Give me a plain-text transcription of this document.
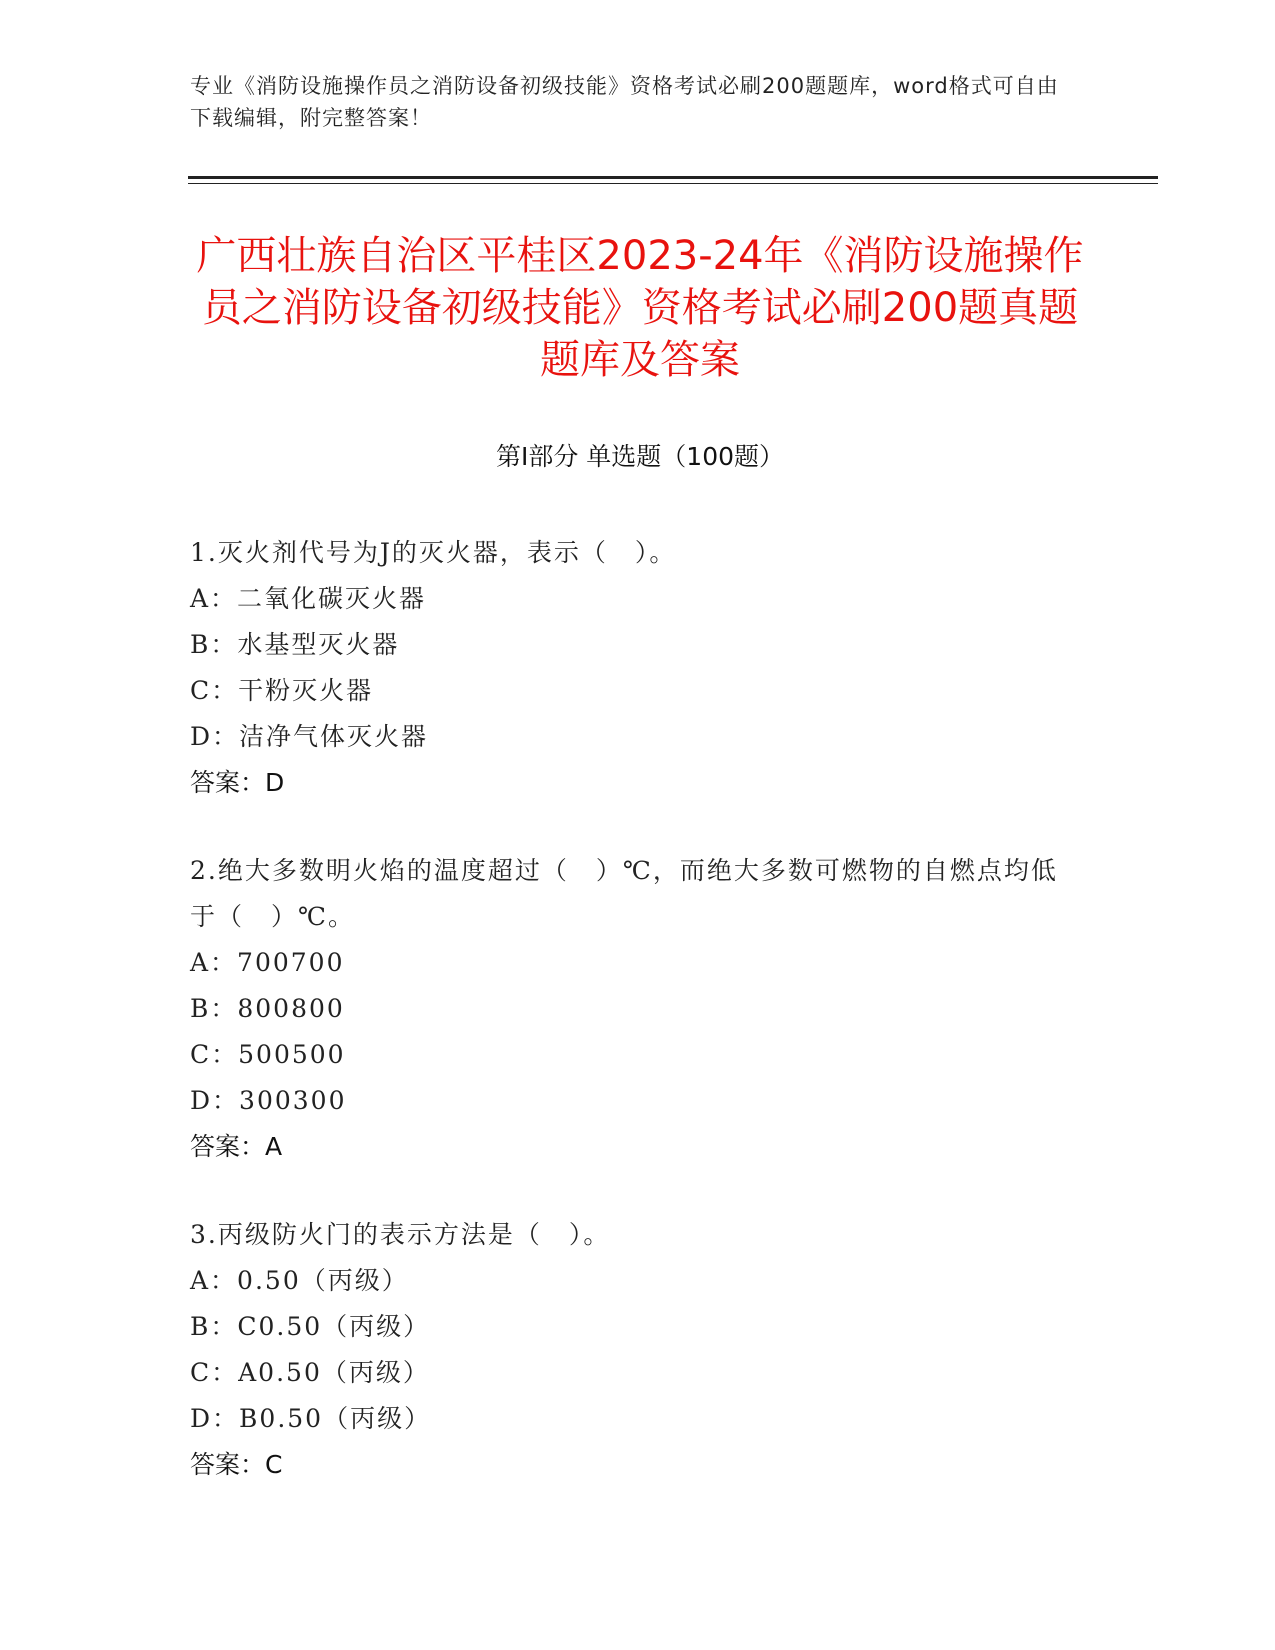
专业《消防设施操作员之消防设备初级技能》资格考试必刷200题题库，word格式可自由下载编辑，附完整答案！
广西壮族自治区平桂区2023-24年《消防设施操作员之消防设备初级技能》资格考试必刷200题真题题库及答案
第Ⅰ部分 单选题（100题）
1.灭火剂代号为J的灭火器，表示（　）。
A：二氧化碳灭火器
B：水基型灭火器
C：干粉灭火器
D：洁净气体灭火器
答案：D
2.绝大多数明火焰的温度超过（　）℃，而绝大多数可燃物的自燃点均低于（　）℃。
A：700700
B：800800
C：500500
D：300300
答案：A
3.丙级防火门的表示方法是（　）。
A：0.50（丙级）
B：C0.50（丙级）
C：A0.50（丙级）
D：B0.50（丙级）
答案：C
